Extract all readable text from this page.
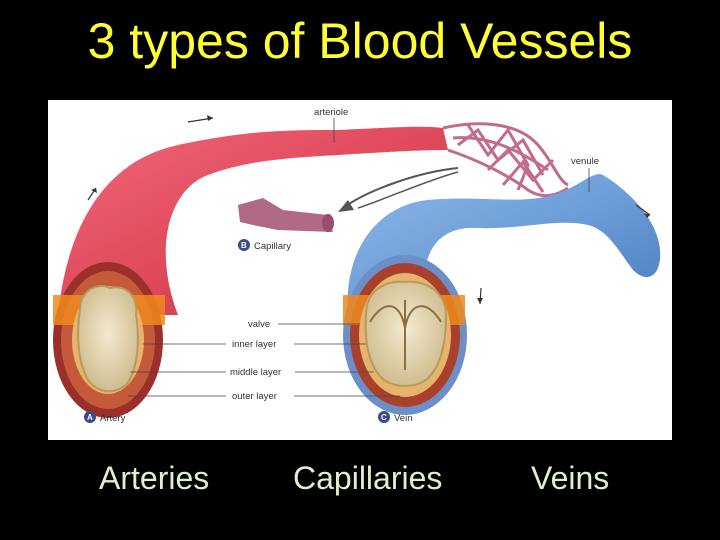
3 types of Blood Vessels
arteriole
venule
B Capillary
valve
inner layer
middle layer
outer layer
A Artery	C Vein
Arteries	Capillaries	Veins
